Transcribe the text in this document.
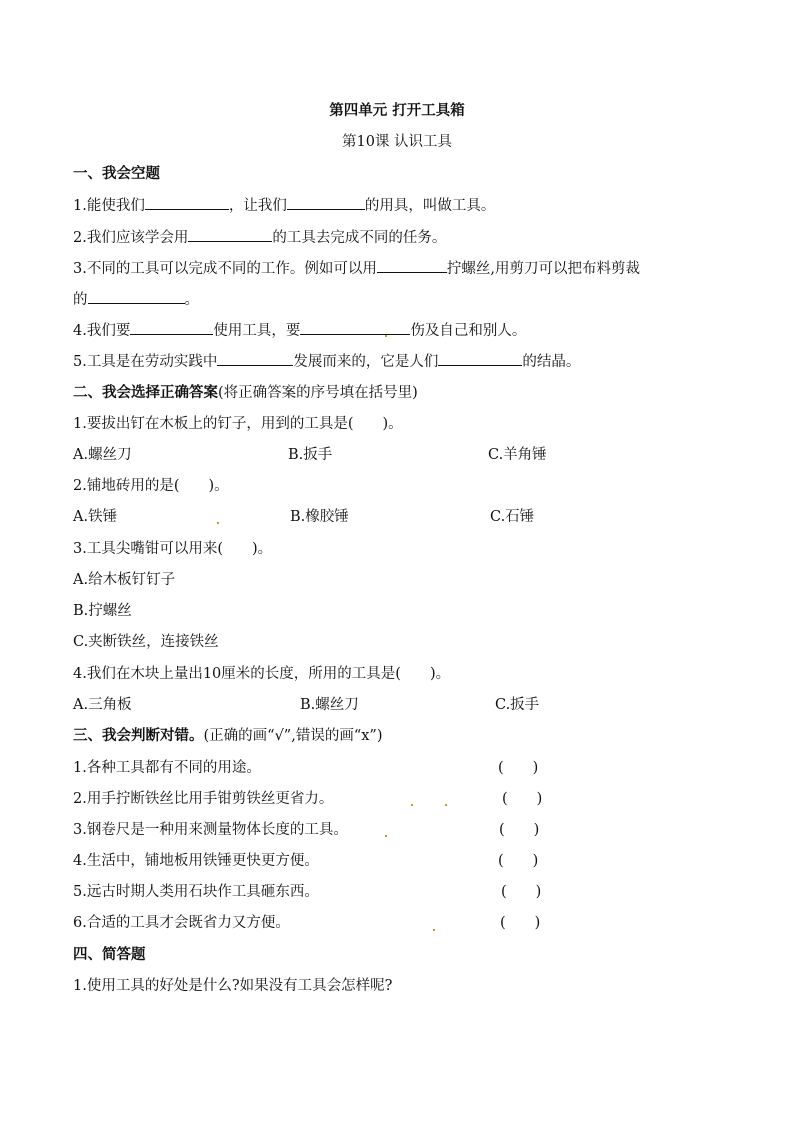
第四单元 打开工具箱
第10课 认识工具
一、我会空题
1.能使我们	，让我们	的用具，叫做工具。
2.我们应该学会用	的工具去完成不同的任务。
3.不同的工具可以完成不同的工作。例如可以用	拧螺丝,用剪刀可以把布料剪裁
的	。
4.我们要	使用工具，要	伤及自己和别人。
5.工具是在劳动实践中	发展而来的，它是人们	的结晶。
二、我会选择正确答案(将正确答案的序号填在括号里)
1.要拔出钉在木板上的钉子，用到的工具是(　　)。
A.螺丝刀	B.扳手	C.羊角锤
2.铺地砖用的是(　　)。
A.铁锤	B.橡胶锤	C.石锤
3.工具尖嘴钳可以用来(　　)。
A.给木板钉钉子
B.拧螺丝
C.夹断铁丝，连接铁丝
4.我们在木块上量出10厘米的长度，所用的工具是(　　)。
A.三角板	B.螺丝刀	C.扳手
三、我会判断对错。(正确的画“√”,错误的画“x”)
1.各种工具都有不同的用途。	(　　)
2.用手拧断铁丝比用手钳剪铁丝更省力。	(　　)
3.钢卷尺是一种用来测量物体长度的工具。	(　　)
4.生活中，铺地板用铁锤更快更方便。	(　　)
5.远古时期人类用石块作工具砸东西。	(　　)
6.合适的工具才会既省力又方便。	(　　)
四、简答题
1.使用工具的好处是什么?如果没有工具会怎样呢?
